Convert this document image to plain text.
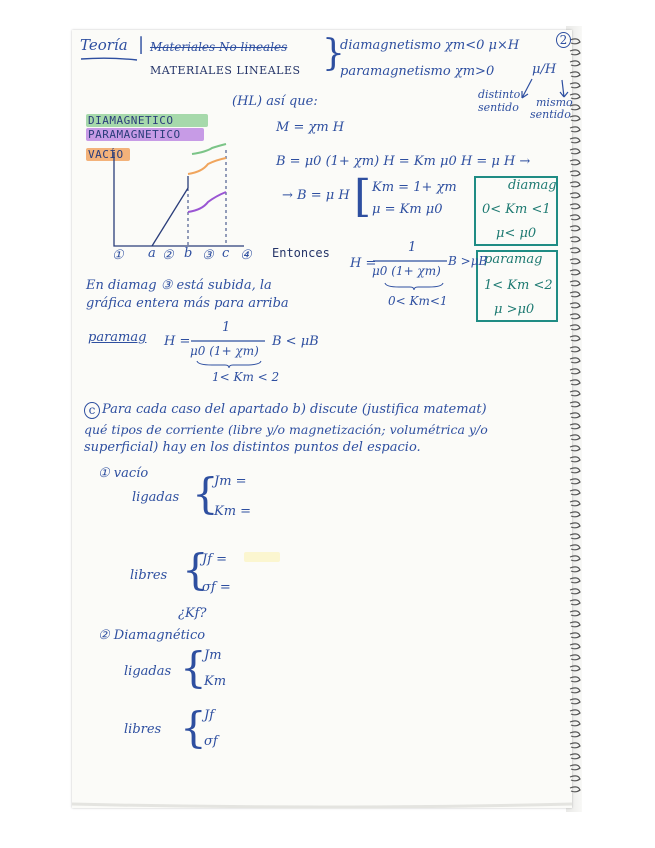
Teoría | Materiales No lineales
MATERIALES LINEALES }
diamagnetismo χm<0 μ×H	2
paramagnetismo χm>0	μ/H
distinto
sentido mismo
sentido
DIAMAGNETICO
PARAMAGNETICO
VACÍO
① a ② b ③ c ④ Entonces
(HL) así que:
M = χm H
B = μ0 (1+ χm) H = Km μ0 H = μ H →
→ B = μ H [ Km = 1+ χm
μ = Km μ0
diamag
0< Km <1
μ< μ0
paramag
1< Km <2
μ >μ0
H =
1
μ0 (1+ χm)
B >μB
0< Km<1
En diamag ③ está subida, la
gráfica entera más para arriba
paramag H =
1
μ0 (1+ χm)
B < μB
1< Km < 2
c Para cada caso del apartado b) discute (justifica matemat)
qué tipos de corriente (libre y/o magnetización; volumétrica y/o
superficial) hay en los distintos puntos del espacio.
① vacío
ligadas {
Jm =
Km =
libres {
Jf =
σf =
¿Kf?
② Diamagnético
ligadas {
Jm
Km
libres {
Jf
σf
